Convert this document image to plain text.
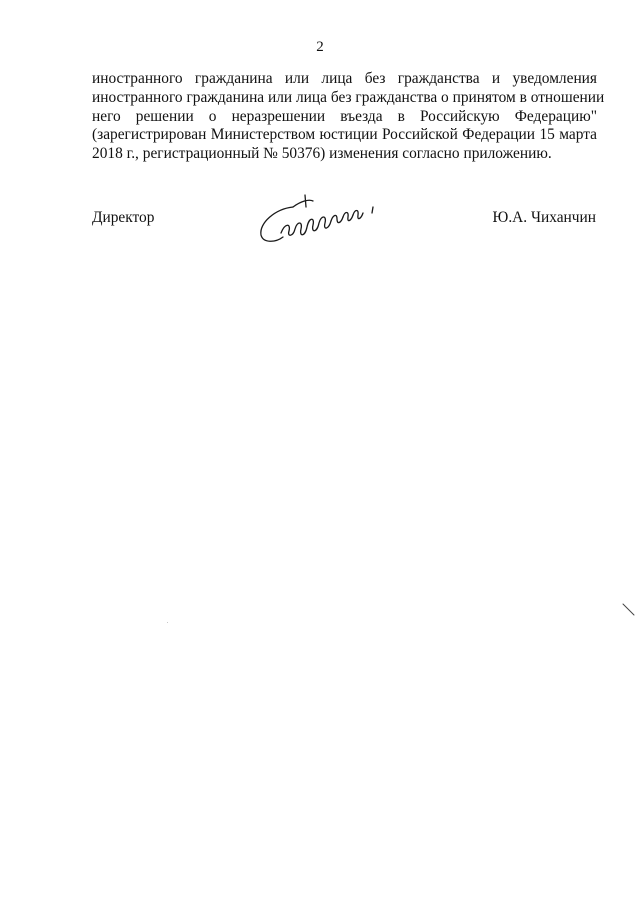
2
иностранного гражданина или лица без гражданства и уведомления
иностранного гражданина или лица без гражданства о принятом в отношении
него решении о неразрешении въезда в Российскую Федерацию"
(зарегистрирован Министерством юстиции Российской Федерации 15 марта
2018 г., регистрационный № 50376) изменения согласно приложению.
Директор	Ю.А. Чиханчин
